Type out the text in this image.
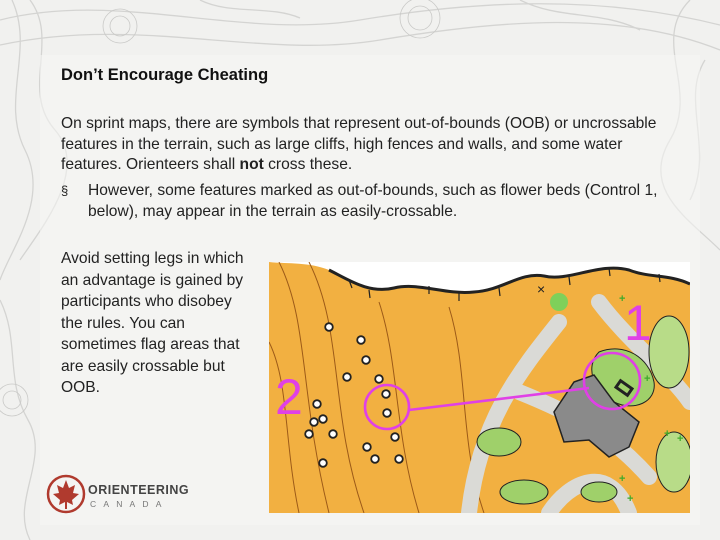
Don’t Encourage Cheating

On sprint maps, there are symbols that represent out-of-bounds (OOB) or uncrossable features in the terrain, such as large cliffs, high fences and walls, and some water features. Orienteers shall not cross these.

§ However, some features marked as out-of-bounds, such as flower beds (Control 1, below), may appear in the terrain as easily-crossable.

Avoid setting legs in which an advantage is gained by participants who disobey the rules. You can sometimes flag areas that are easily crossable but OOB.

+
+
+ +
+
+
×
1
2
ORIENTEERING
CANADA
